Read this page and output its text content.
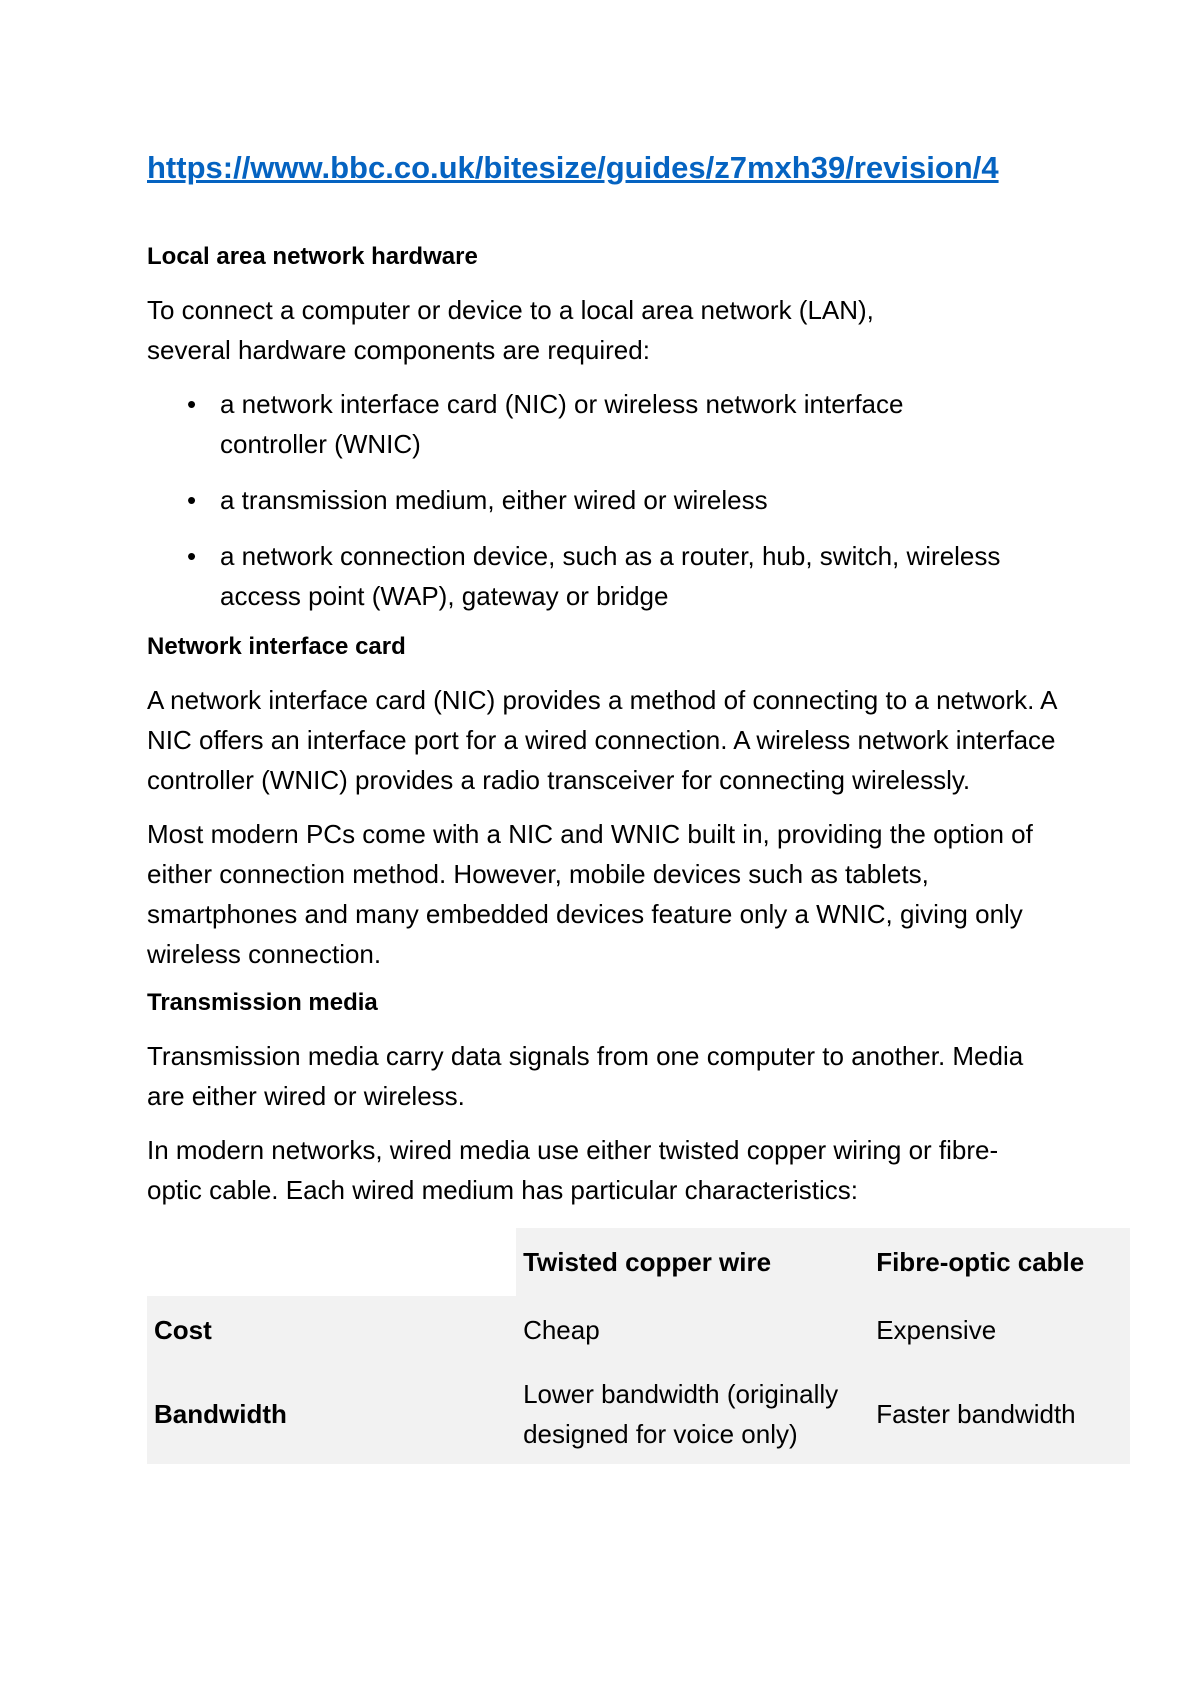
https://www.bbc.co.uk/bitesize/guides/z7mxh39/revision/4
Local area network hardware

To connect a computer or device to a local area network (LAN), several hardware components are required:

• a network interface card (NIC) or wireless network interface controller (WNIC)
• a transmission medium, either wired or wireless
• a network connection device, such as a router, hub, switch, wireless access point (WAP), gateway or bridge
Network interface card

A network interface card (NIC) provides a method of connecting to a network. A NIC offers an interface port for a wired connection. A wireless network interface controller (WNIC) provides a radio transceiver for connecting wirelessly.

Most modern PCs come with a NIC and WNIC built in, providing the option of either connection method. However, mobile devices such as tablets, smartphones and many embedded devices feature only a WNIC, giving only wireless connection.

Transmission media

Transmission media carry data signals from one computer to another. Media are either wired or wireless.

In modern networks, wired media use either twisted copper wiring or fibre-optic cable. Each wired medium has particular characteristics:

	Twisted copper wire	Fibre-optic cable
Cost	Cheap	Expensive
Bandwidth	Lower bandwidth (originally designed for voice only)	Faster bandwidth
